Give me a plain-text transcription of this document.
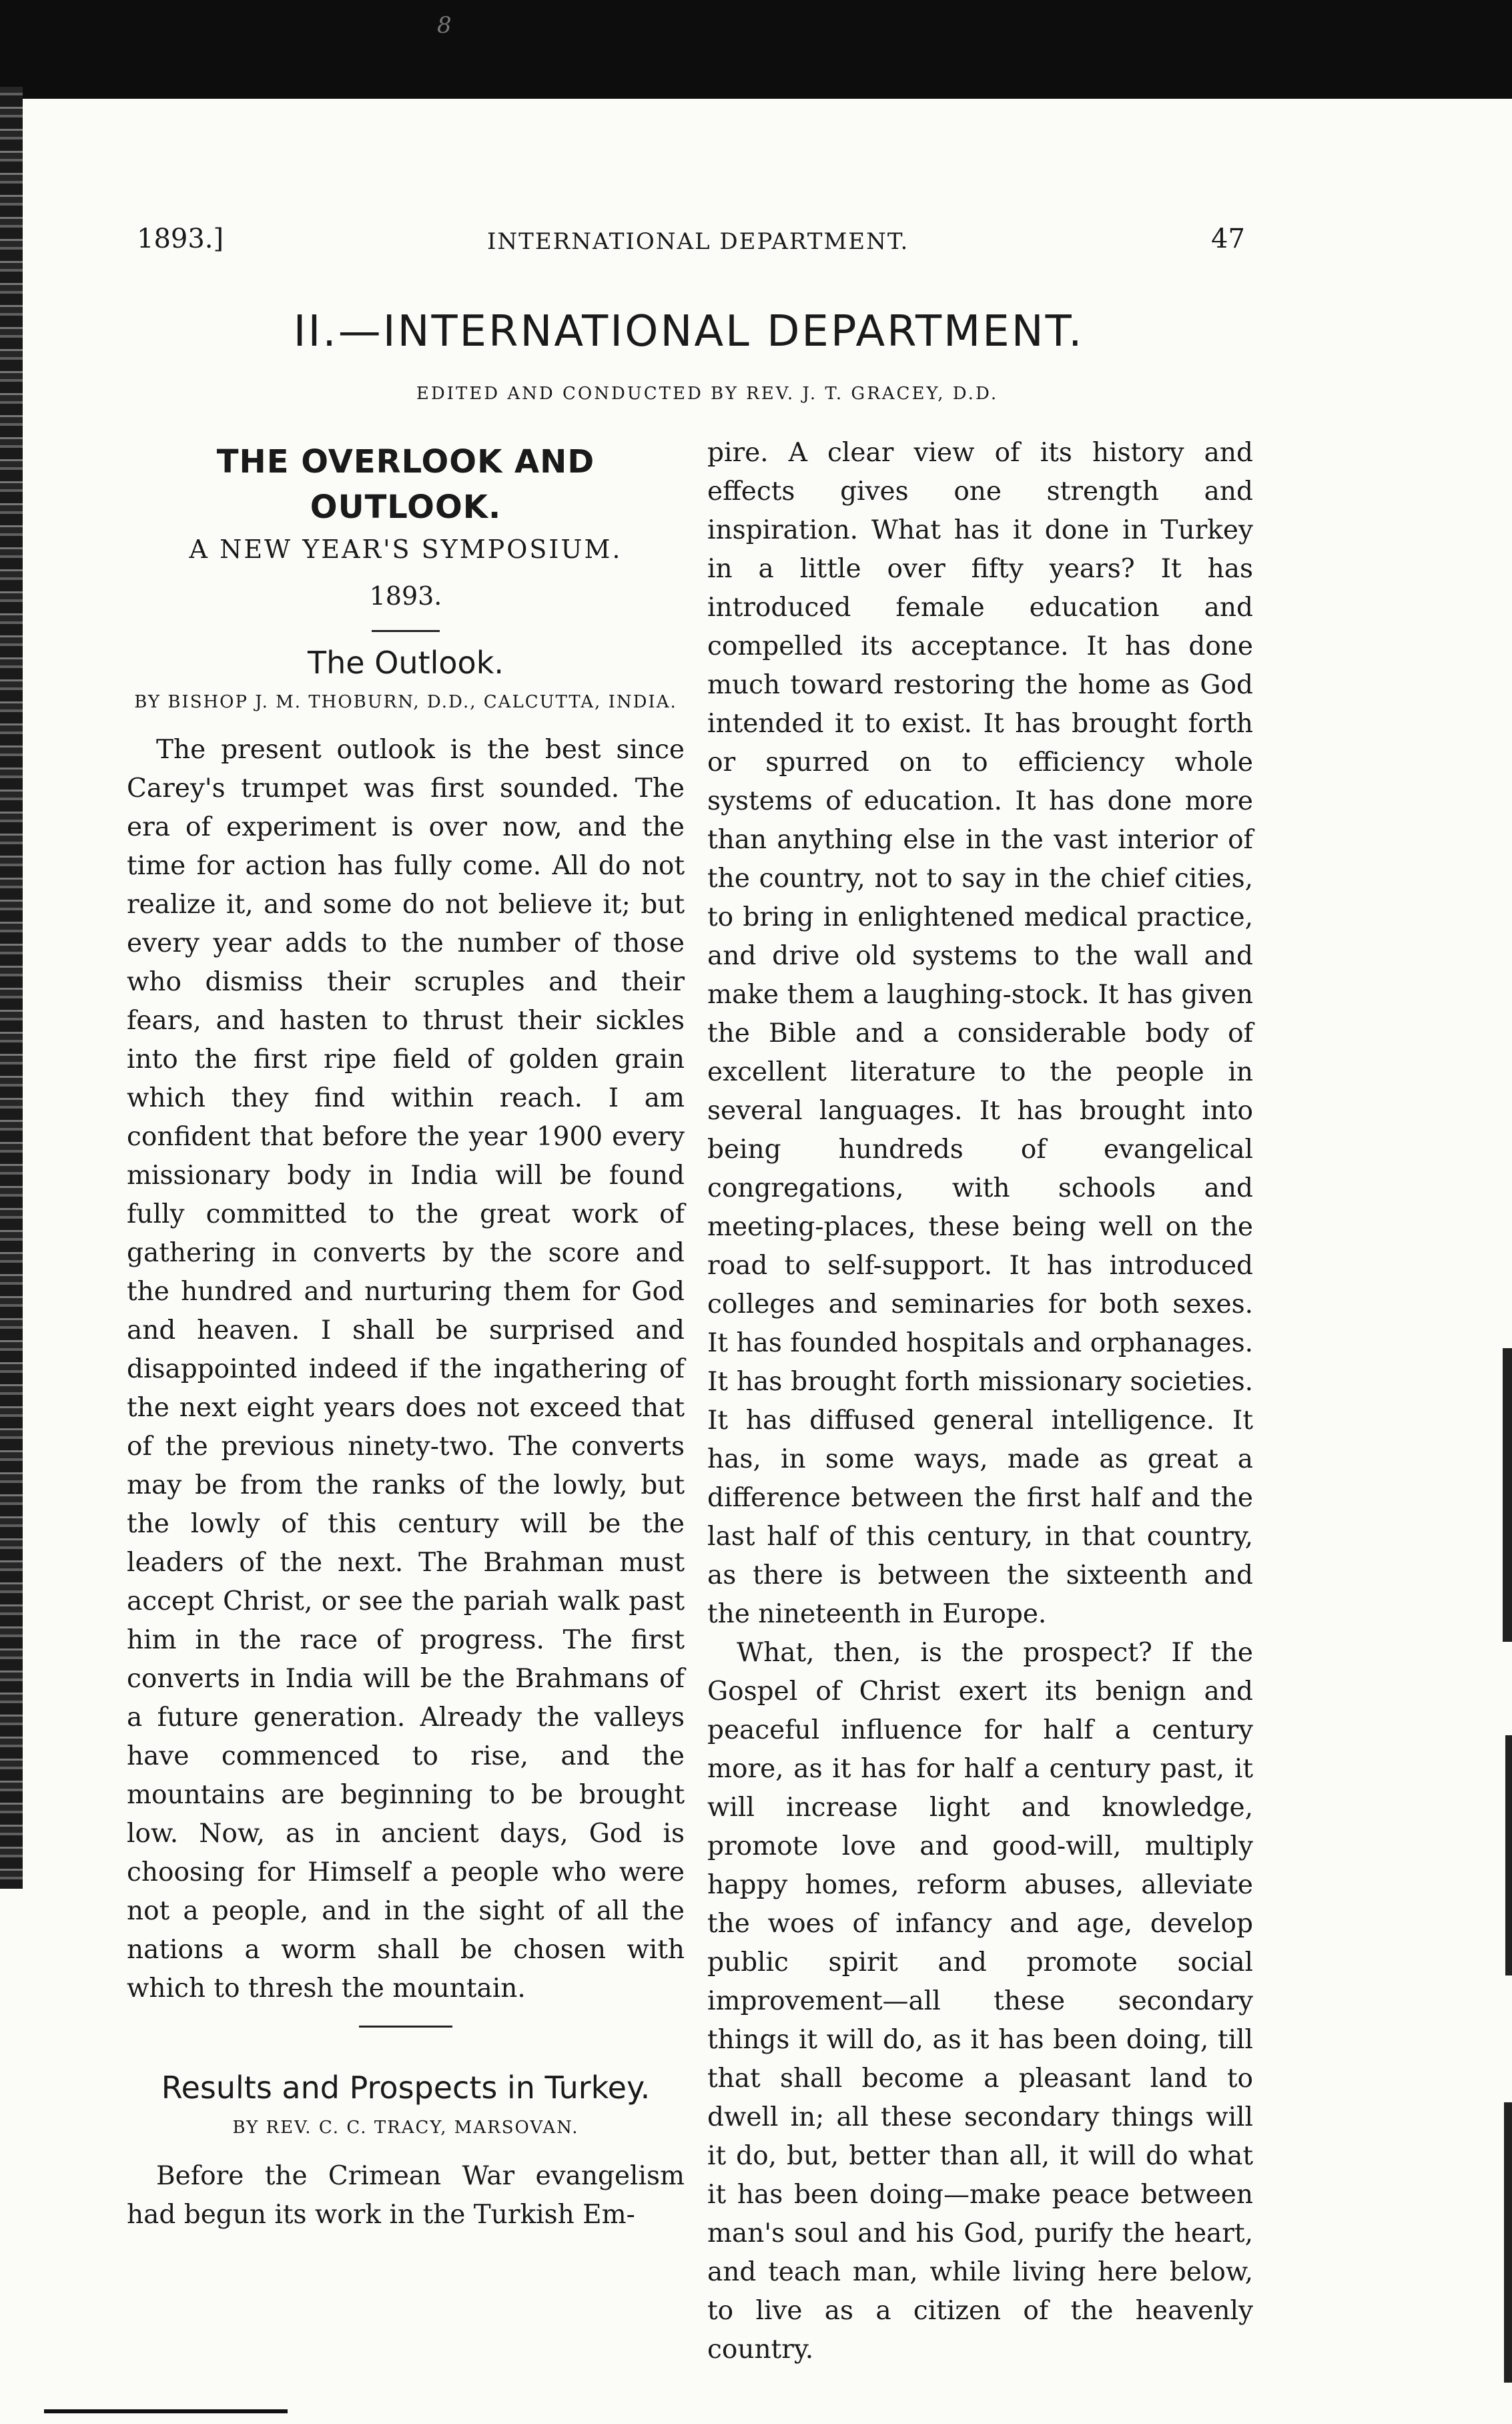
8
1893.]	INTERNATIONAL DEPARTMENT.	47
II.—INTERNATIONAL DEPARTMENT.
EDITED AND CONDUCTED BY REV. J. T. GRACEY, D.D.
THE OVERLOOK AND OUTLOOK.
A NEW YEAR'S SYMPOSIUM.
1893.
The Outlook.
BY BISHOP J. M. THOBURN, D.D., CALCUTTA, INDIA.

The present outlook is the best since Carey's trumpet was first sounded. The era of experiment is over now, and the time for action has fully come. All do not realize it, and some do not believe it; but every year adds to the number of those who dismiss their scruples and their fears, and hasten to thrust their sickles into the first ripe field of golden grain which they find within reach. I am confident that before the year 1900 every missionary body in India will be found fully committed to the great work of gathering in converts by the score and the hundred and nurturing them for God and heaven. I shall be surprised and disappointed indeed if the ingathering of the next eight years does not exceed that of the previous ninety-two. The converts may be from the ranks of the lowly, but the lowly of this century will be the leaders of the next. The Brahman must accept Christ, or see the pariah walk past him in the race of progress. The first converts in India will be the Brahmans of a future generation. Already the valleys have commenced to rise, and the mountains are beginning to be brought low. Now, as in ancient days, God is choosing for Himself a people who were not a people, and in the sight of all the nations a worm shall be chosen with which to thresh the mountain.

Results and Prospects in Turkey.
BY REV. C. C. TRACY, MARSOVAN.

Before the Crimean War evangelism had begun its work in the Turkish Em-

pire. A clear view of its history and effects gives one strength and inspiration. What has it done in Turkey in a little over fifty years? It has introduced female education and compelled its acceptance. It has done much toward restoring the home as God intended it to exist. It has brought forth or spurred on to efficiency whole systems of education. It has done more than anything else in the vast interior of the country, not to say in the chief cities, to bring in enlightened medical practice, and drive old systems to the wall and make them a laughing-stock. It has given the Bible and a considerable body of excellent literature to the people in several languages. It has brought into being hundreds of evangelical congregations, with schools and meeting-places, these being well on the road to self-support. It has introduced colleges and seminaries for both sexes. It has founded hospitals and orphanages. It has brought forth missionary societies. It has diffused general intelligence. It has, in some ways, made as great a difference between the first half and the last half of this century, in that country, as there is between the sixteenth and the nineteenth in Europe.

What, then, is the prospect? If the Gospel of Christ exert its benign and peaceful influence for half a century more, as it has for half a century past, it will increase light and knowledge, promote love and good-will, multiply happy homes, reform abuses, alleviate the woes of infancy and age, develop public spirit and promote social improvement—all these secondary things it will do, as it has been doing, till that shall become a pleasant land to dwell in; all these secondary things will it do, but, better than all, it will do what it has been doing—make peace between man's soul and his God, purify the heart, and teach man, while living here below, to live as a citizen of the heavenly country.
